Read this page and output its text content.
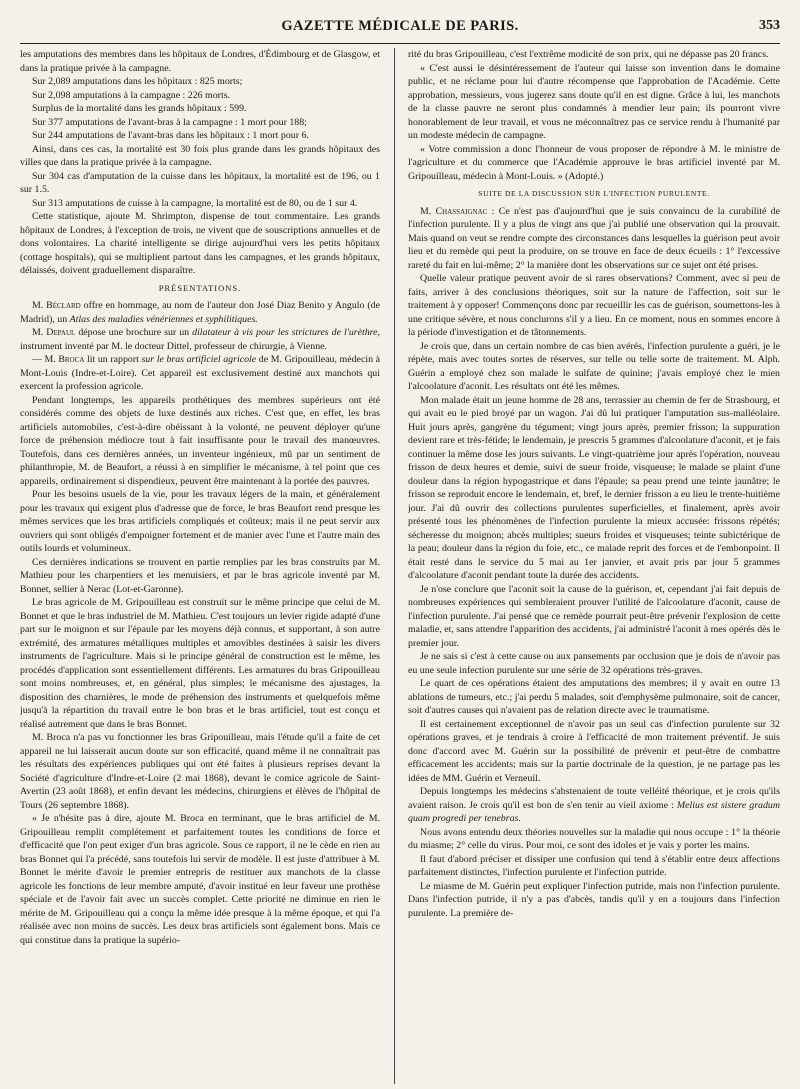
GAZETTE MÉDICALE DE PARIS.	353

les amputations des membres dans les hôpitaux de Londres, d'Édimbourg et de Glasgow, et dans la pratique privée à la campagne.

Sur 2,089 amputations dans les hôpitaux : 825 morts;

Sur 2,098 amputations à la campagne : 226 morts.

Surplus de la mortalité dans les grands hôpitaux : 599.

Sur 377 amputations de l'avant-bras à la campagne : 1 mort pour 188;

Sur 244 amputations de l'avant-bras dans les hôpitaux : 1 mort pour 6.

Ainsi, dans ces cas, la mortalité est 30 fois plus grande dans les grands hôpitaux des villes que dans la pratique privée à la campagne.

Sur 304 cas d'amputation de la cuisse dans les hôpitaux, la mortalité est de 196, ou 1 sur 1.5.

Sur 313 amputations de cuisse à la campagne, la mortalité est de 80, ou de 1 sur 4.

Cette statistique, ajoute M. Shrimpton, dispense de tout commentaire. Les grands hôpitaux de Londres, à l'exception de trois, ne vivent que de souscriptions annuelles et de dons volontaires. La charité intelligente se dirige aujourd'hui vers les petits hôpitaux (cottage hospitals), qui se multiplient partout dans les campagnes, et les grands hôpitaux, délaissés, doivent graduellement disparaître.

PRÉSENTATIONS.

M. Béclard offre en hommage, au nom de l'auteur don José Diaz Benito y Angulo (de Madrid), un Atlas des maladies vénériennes et syphilitiques.

M. Depaul dépose une brochure sur un dilatateur à vis pour les strictures de l'urèthre, instrument inventé par M. le docteur Dittel, professeur de chirurgie, à Vienne.

— M. Broca lit un rapport sur le bras artificiel agricole de M. Gripouilleau, médecin à Mont-Louis (Indre-et-Loire). Cet appareil est exclusivement destiné aux manchots qui exercent la profession agricole.

Pendant longtemps, les appareils prothétiques des membres supérieurs ont été considérés comme des objets de luxe destinés aux riches. C'est que, en effet, les bras artificiels automobiles, c'est-à-dire obéissant à la volonté, ne peuvent déployer qu'une force de préhension médiocre tout à fait insuffisante pour le travail des manœuvres. Toutefois, dans ces dernières années, un inventeur ingénieux, mû par un sentiment de philanthropie, M. de Beaufort, a réussi à en simplifier le mécanisme, à tel point que ces appareils, ordinairement si dispendieux, peuvent être maintenant à la portée des pauvres.

Pour les besoins usuels de la vie, pour les travaux légers de la main, et généralement pour les travaux qui exigent plus d'adresse que de force, le bras Beaufort rend presque les mêmes services que les bras artificiels compliqués et coûteux; mais il ne peut servir aux ouvriers qui sont obligés d'empoigner fortement et de manier avec l'une et l'autre main des outils lourds et volumineux.

Ces dernières indications se trouvent en partie remplies par les bras construits par M. Mathieu pour les charpentiers et les menuisiers, et par le bras agricole inventé par M. Bonnet, sellier à Nerac (Lot-et-Garonne).

Le bras agricole de M. Gripouilleau est construit sur le même principe que celui de M. Bonnet et que le bras industriel de M. Mathieu. C'est toujours un levier rigide adapté d'une part sur le moignon et sur l'épaule par les moyens déjà connus, et supportant, à son autre extrémité, des armatures métalliques multiples et amovibles destinées à saisir les divers instruments de l'agriculture. Mais si le principe général de construction est le même, les procédés d'application sont essentiellement différents. Les armatures du bras Gripouilleau sont moins nombreuses, et, en général, plus simples; le mécanisme des ajustages, la disposition des charnières, le mode de préhension des instruments et quelquefois même jusqu'à la répartition du travail entre le bon bras et le bras artificiel, tout est conçu et réalisé autrement que dans le bras Bonnet.

M. Broca n'a pas vu fonctionner les bras Gripouilleau, mais l'étude qu'il a faite de cet appareil ne lui laisserait aucun doute sur son efficacité, quand même il ne connaîtrait pas les résultats des expériences publiques qui ont été faites à plusieurs reprises devant la Société d'agriculture d'Indre-et-Loire (2 mai 1868), devant le comice agricole de Saint-Avertin (23 août 1868), et enfin devant les médecins, chirurgiens et élèves de l'hôpital de Tours (26 septembre 1868).

« Je n'hésite pas à dire, ajoute M. Broca en terminant, que le bras artificiel de M. Gripouilleau remplit complétement et parfaitement toutes les conditions de force et d'efficacité que l'on peut exiger d'un bras agricole. Sous ce rapport, il ne le cède en rien au bras Bonnet qui l'a précédé, sans toutefois lui servir de modèle. Il est juste d'attribuer à M. Bonnet le mérite d'avoir le premier entrepris de restituer aux manchots de la classe agricole les fonctions de leur membre amputé, d'avoir institué en leur faveur une prothèse spéciale et de l'avoir fait avec un succès complet. Cette priorité ne diminue en rien le mérite de M. Gripouilleau qui a conçu la même idée presque à la même époque, et qui l'a réalisée avec non moins de succès. Les deux bras artificiels sont également bons. Mais ce qui constitue dans la pratique la supério-

rité du bras Gripouilleau, c'est l'extrême modicité de son prix, qui ne dépasse pas 20 francs.

« C'est aussi le désintéressement de l'auteur qui laisse son invention dans le domaine public, et ne réclame pour lui d'autre récompense que l'approbation de l'Académie. Cette approbation, messieurs, vous jugerez sans doute qu'il en est digne. Grâce à lui, les manchots de la classe pauvre ne seront plus condamnés à mendier leur pain; ils pourront vivre honorablement de leur travail, et vous ne méconnaîtrez pas ce service rendu à l'humanité par un modeste médecin de campagne.

« Votre commission a donc l'honneur de vous proposer de répondre à M. le ministre de l'agriculture et du commerce que l'Académie approuve le bras artificiel inventé par M. Gripouilleau, médecin à Mont-Louis. » (Adopté.)

SUITE DE LA DISCUSSION SUR L'INFECTION PURULENTE.

M. Chassaignac : Ce n'est pas d'aujourd'hui que je suis convaincu de la curabilité de l'infection purulente. Il y a plus de vingt ans que j'ai publié une observation qui la prouvait. Mais quand on veut se rendre compte des circonstances dans lesquelles la guérison peut avoir lieu et du remède qui peut la produire, on se trouve en face de deux écueils : 1° l'excessive rareté du fait en lui-même; 2° la manière dont les observations sur ce sujet ont été prises.

Quelle valeur pratique peuvent avoir de si rares observations? Comment, avec si peu de faits, arriver à des conclusions théoriques, soit sur la nature de l'affection, soit sur le traitement à y opposer! Commençons donc par recueillir les cas de guérison, soumettons-les à une critique sévère, et nous conclurons s'il y a lieu. En ce moment, nous en sommes encore à la période d'investigation et de tâtonnements.

Je crois que, dans un certain nombre de cas bien avérés, l'infection purulente a guéri, je le répète, mais avec toutes sortes de réserves, sur telle ou telle sorte de traitement. M. Alph. Guérin a employé chez son malade le sulfate de quinine; j'avais employé chez le mien l'alcoolature d'aconit. Les résultats ont été les mêmes.

Mon malade était un jeune homme de 28 ans, terrassier au chemin de fer de Strasbourg, et qui avait eu le pied broyé par un wagon. J'ai dû lui pratiquer l'amputation sus-malléolaire. Huit jours après, gangrène du tégument; vingt jours après, premier frisson; la suppuration devient rare et très-fétide; le lendemain, je prescris 5 grammes d'alcoolature d'aconit, et je fais continuer la même dose les jours suivants. Le vingt-quatrième jour après l'opération, nouveau frisson de deux heures et demie, suivi de sueur froide, visqueuse; le malade se plaint d'une douleur dans la région hypogastrique et dans l'épaule; sa peau prend une teinte jaunâtre; le frisson se reproduit encore le lendemain, et, bref, le dernier frisson a eu lieu le trente-huitième jour. J'ai dû ouvrir des collections purulentes superficielles, et finalement, après avoir présenté tous les phénomènes de l'infection purulente la mieux accusée: frissons répétés; sécheresse du moignon; abcès multiples; sueurs froides et visqueuses; teinte subictérique de la peau; douleur dans la région du foie, etc., ce malade reprit des forces et de l'embonpoint. Il était resté dans le service du 5 mai au 1er janvier, et avait pris par jour 5 grammes d'alcoolature d'aconit pendant toute la durée des accidents.

Je n'ose conclure que l'aconit soit la cause de la guérison, et, cependant j'ai fait depuis de nombreuses expériences qui sembleraient prouver l'utilité de l'alcoolature d'aconit, cause de l'infection purulente. J'ai pensé que ce remède pourrait peut-être prévenir l'explosion de cette maladie, et, sans attendre l'apparition des accidents, j'ai administré l'aconit à mes opérés dès le premier jour.

Je ne sais si c'est à cette cause ou aux pansements par occlusion que je dois de n'avoir pas eu une seule infection purulente sur une série de 32 opérations très-graves.

Le quart de ces opérations étaient des amputations des membres; il y avait en outre 13 ablations de tumeurs, etc.; j'ai perdu 5 malades, soit d'emphysème pulmonaire, soit de cancer, soit d'autres causes qui n'avaient pas de relation directe avec le traumatisme.

Il est certainement exceptionnel de n'avoir pas un seul cas d'infection purulente sur 32 opérations graves, et je tendrais à croire à l'efficacité de mon traitement préventif. Je suis donc d'accord avec M. Guérin sur la possibilité de prévenir et peut-être de combattre efficacement les accidents; mais sur la partie doctrinale de la question, je ne partage pas les idées de MM. Guérin et Verneuil.

Depuis longtemps les médecins s'abstenaient de toute velléité théorique, et je crois qu'ils avaient raison. Je crois qu'il est bon de s'en tenir au vieil axiome : Melius est sistere gradum quam progredi per tenebras.

Nous avons entendu deux théories nouvelles sur la maladie qui nous occupe : 1° la théorie du miasme; 2° celle du virus. Pour moi, ce sont des idoles et je vais y porter les mains.

Il faut d'abord préciser et dissiper une confusion qui tend à s'établir entre deux affections parfaitement distinctes, l'infection purulente et l'infection putride.

Le miasme de M. Guérin peut expliquer l'infection putride, mais non l'infection purulente. Dans l'infection putride, il n'y a pas d'abcès, tandis qu'il y en a toujours dans l'infection purulente. La première de-
